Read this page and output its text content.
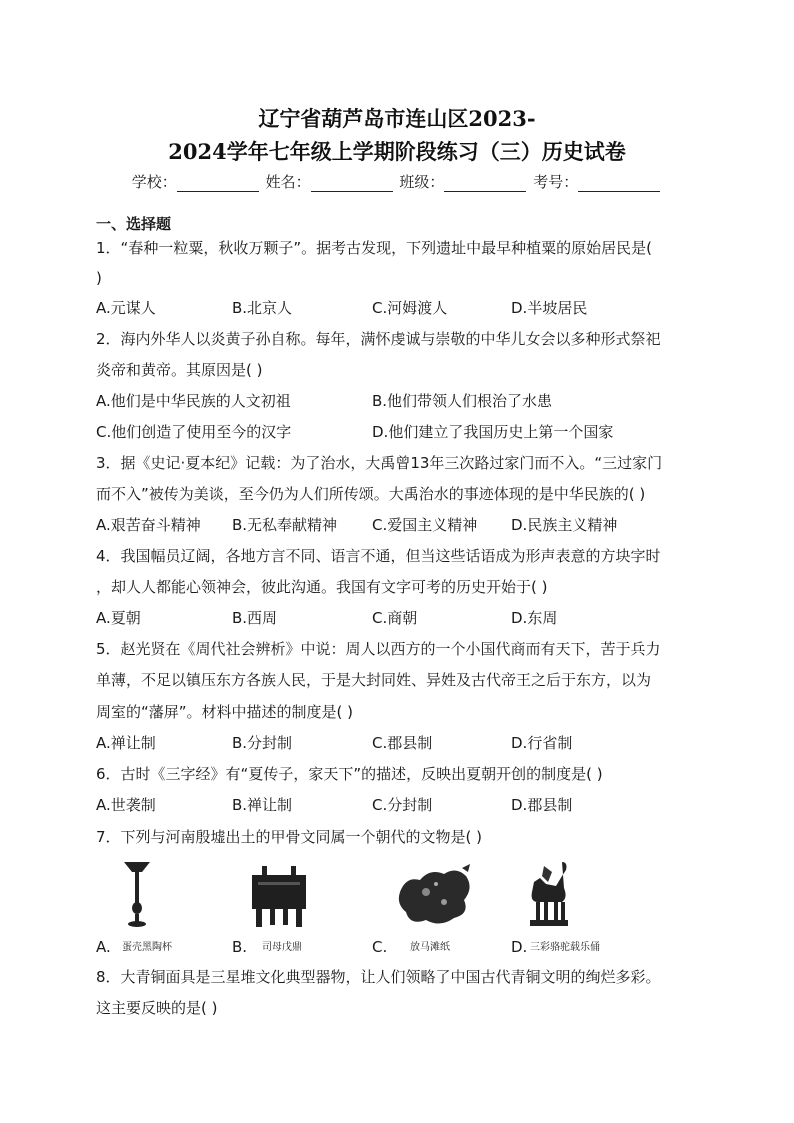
辽宁省葫芦岛市连山区2023-
2024学年七年级上学期阶段练习（三）历史试卷
学校：	姓名：	班级：	考号：
一、选择题
1．“春种一粒粟，秋收万颗子”。据考古发现，下列遗址中最早种植粟的原始居民是(
)
A.元谋人	B.北京人	C.河姆渡人	D.半坡居民
2．海内外华人以炎黄子孙自称。每年，满怀虔诚与崇敬的中华儿女会以多种形式祭祀
炎帝和黄帝。其原因是( )
A.他们是中华民族的人文初祖	B.他们带领人们根治了水患
C.他们创造了使用至今的汉字	D.他们建立了我国历史上第一个国家
3．据《史记·夏本纪》记载：为了治水，大禹曾13年三次路过家门而不入。“三过家门
而不入”被传为美谈，至今仍为人们所传颂。大禹治水的事迹体现的是中华民族的( )
A.艰苦奋斗精神 B.无私奉献精神 C.爱国主义精神 D.民族主义精神
4．我国幅员辽阔，各地方言不同、语言不通，但当这些话语成为形声表意的方块字时
，却人人都能心领神会，彼此沟通。我国有文字可考的历史开始于( )
A.夏朝	B.西周	C.商朝	D.东周
5．赵光贤在《周代社会辨析》中说：周人以西方的一个小国代商而有天下，苦于兵力
单薄，不足以镇压东方各族人民，于是大封同姓、异姓及古代帝王之后于东方，以为
周室的“藩屏”。材料中描述的制度是( )
A.禅让制	B.分封制	C.郡县制	D.行省制
6．古时《三字经》有“夏传子，家天下”的描述，反映出夏朝开创的制度是( )
A.世袭制	B.禅让制	C.分封制	D.郡县制
7．下列与河南殷墟出土的甲骨文同属一个朝代的文物是( )
A. 蛋壳黑陶杯	B. 司母戊鼎	C. 放马滩纸	D. 三彩骆驼载乐俑
8．大青铜面具是三星堆文化典型器物，让人们领略了中国古代青铜文明的绚烂多彩。
这主要反映的是( )
